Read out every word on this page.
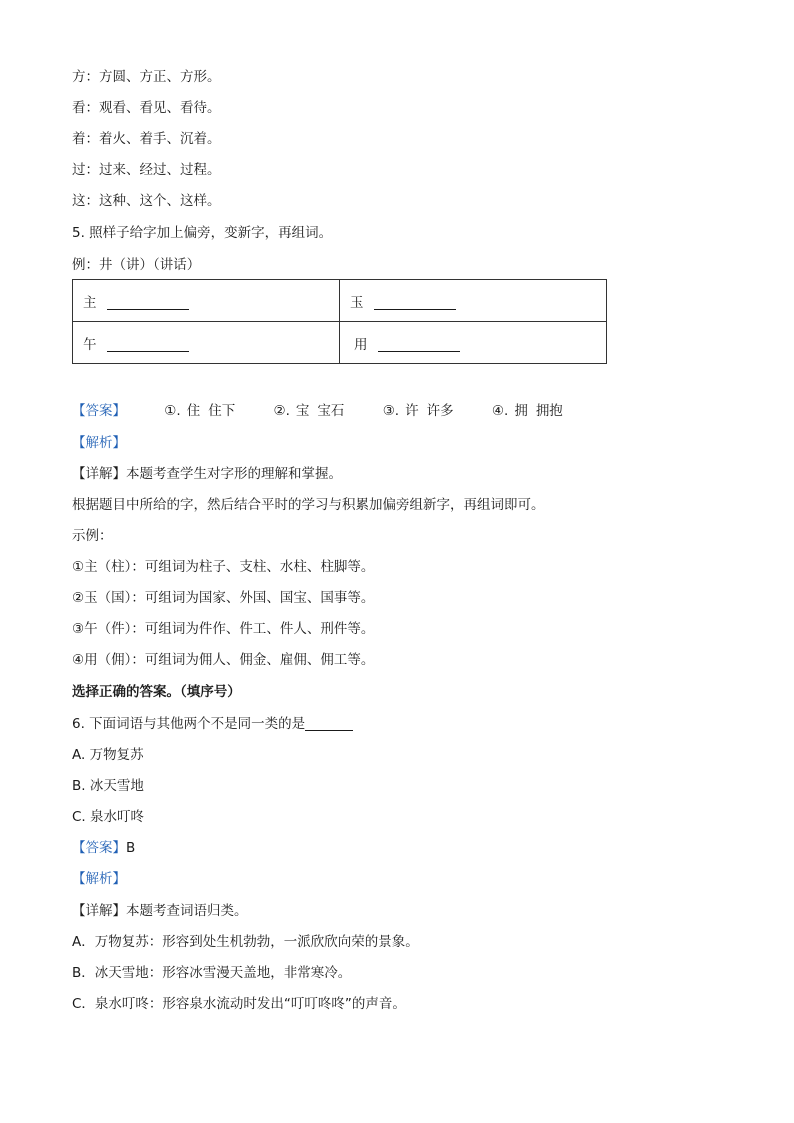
方：方圆、方正、方形。
看：观看、看见、看待。
着：着火、着手、沉着。
过：过来、经过、过程。
这：这种、这个、这样。
5. 照样子给字加上偏旁，变新字，再组词。
例：井（讲）（讲话）
主	玉
午	用
【答案】	①. 住 住下	②. 宝 宝石	③. 许 许多	④. 拥 拥抱
【解析】
【详解】本题考查学生对字形的理解和掌握。
根据题目中所给的字，然后结合平时的学习与积累加偏旁组新字，再组词即可。
示例：
①主（柱）：可组词为柱子、支柱、水柱、柱脚等。
②玉（国）：可组词为国家、外国、国宝、国事等。
③午（件）：可组词为件作、件工、件人、刑件等。
④用（佣）：可组词为佣人、佣金、雇佣、佣工等。
选择正确的答案。（填序号）
6. 下面词语与其他两个不是同一类的是
A. 万物复苏
B. 冰天雪地
C. 泉水叮咚
【答案】B
【解析】
【详解】本题考查词语归类。
A．万物复苏：形容到处生机勃勃，一派欣欣向荣的景象。
B．冰天雪地：形容冰雪漫天盖地，非常寒冷。
C．泉水叮咚：形容泉水流动时发出“叮叮咚咚”的声音。
